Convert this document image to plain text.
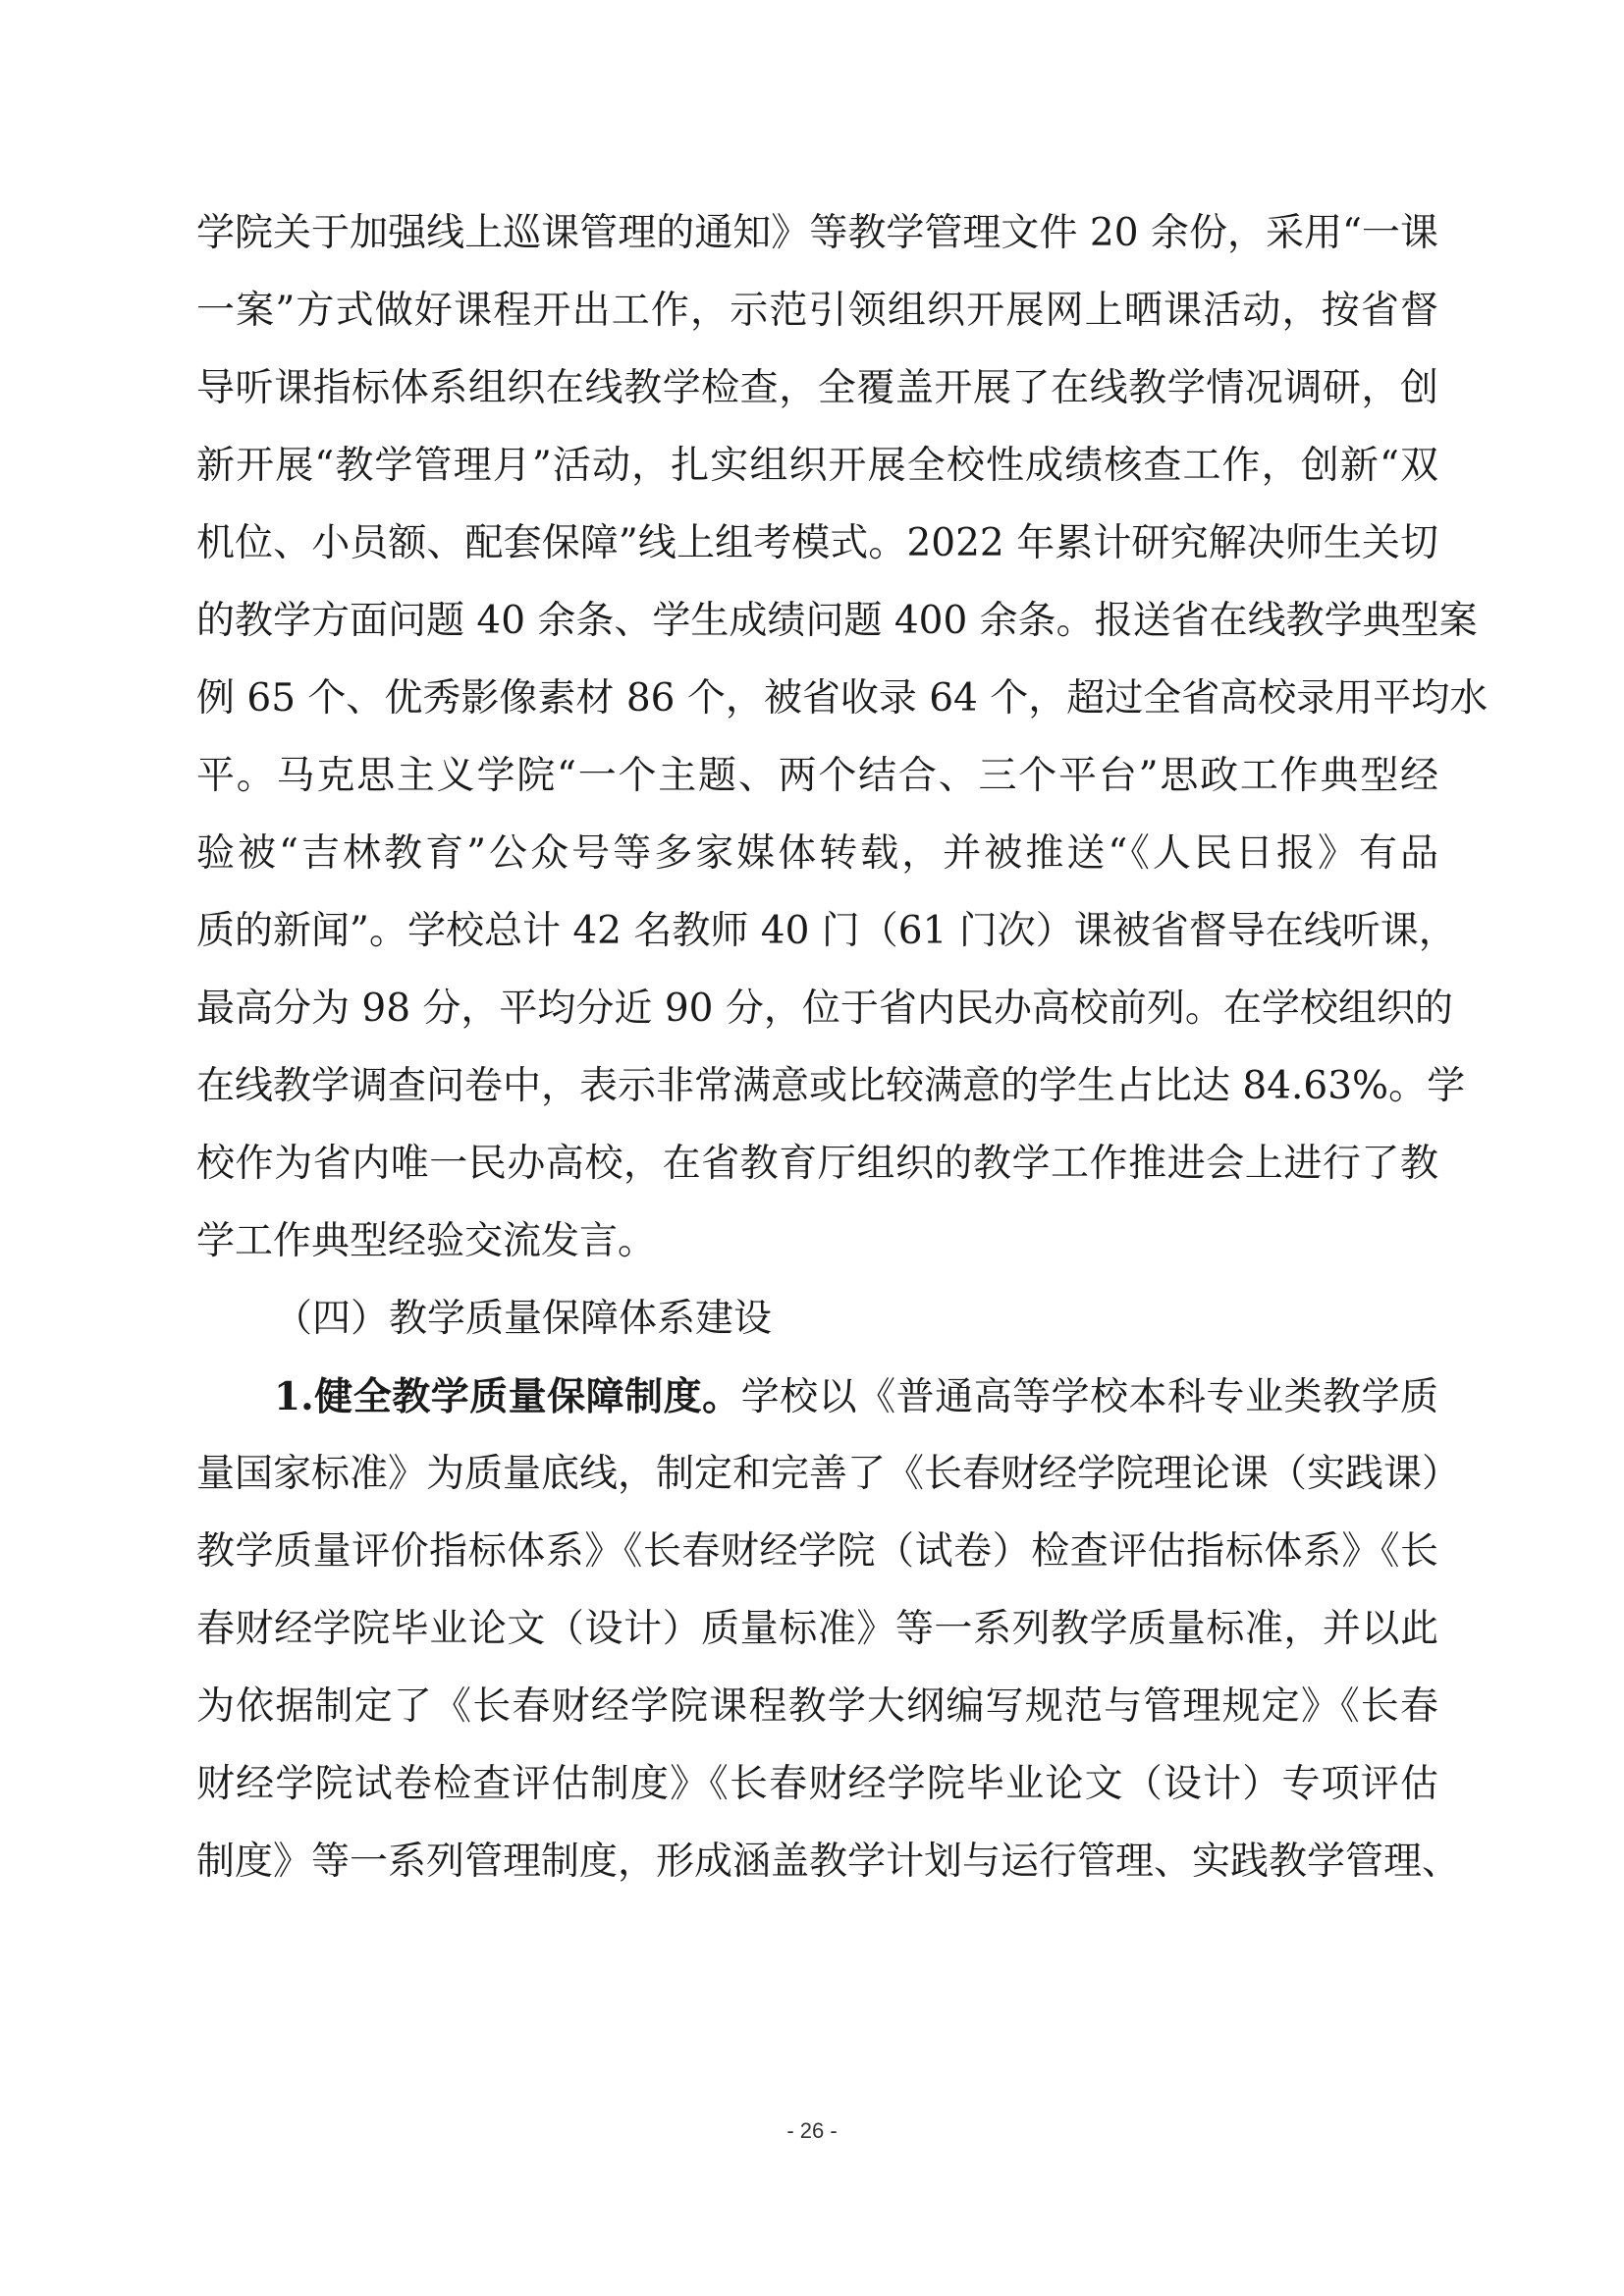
学院关于加强线上巡课管理的通知》等教学管理文件 20 余份，采用“一课
一案”方式做好课程开出工作，示范引领组织开展网上晒课活动，按省督
导听课指标体系组织在线教学检查，全覆盖开展了在线教学情况调研，创
新开展“教学管理月”活动，扎实组织开展全校性成绩核查工作，创新“双
机位、小员额、配套保障”线上组考模式。2022 年累计研究解决师生关切
的教学方面问题 40 余条、学生成绩问题 400 余条。报送省在线教学典型案
例 65 个、优秀影像素材 86 个，被省收录 64 个，超过全省高校录用平均水
平。马克思主义学院“一个主题、两个结合、三个平台”思政工作典型经
验被“吉林教育”公众号等多家媒体转载，并被推送“《人民日报》有品
质的新闻”。学校总计 42 名教师 40 门（61 门次）课被省督导在线听课，
最高分为 98 分，平均分近 90 分，位于省内民办高校前列。在学校组织的
在线教学调查问卷中，表示非常满意或比较满意的学生占比达 84.63%。学
校作为省内唯一民办高校，在省教育厅组织的教学工作推进会上进行了教
学工作典型经验交流发言。
（四）教学质量保障体系建设
1.健全教学质量保障制度。学校以《普通高等学校本科专业类教学质
量国家标准》为质量底线，制定和完善了《长春财经学院理论课（实践课）
教学质量评价指标体系》《长春财经学院（试卷）检查评估指标体系》《长
春财经学院毕业论文（设计）质量标准》等一系列教学质量标准，并以此
为依据制定了《长春财经学院课程教学大纲编写规范与管理规定》《长春
财经学院试卷检查评估制度》《长春财经学院毕业论文（设计）专项评估
制度》等一系列管理制度，形成涵盖教学计划与运行管理、实践教学管理、
- 26 -
